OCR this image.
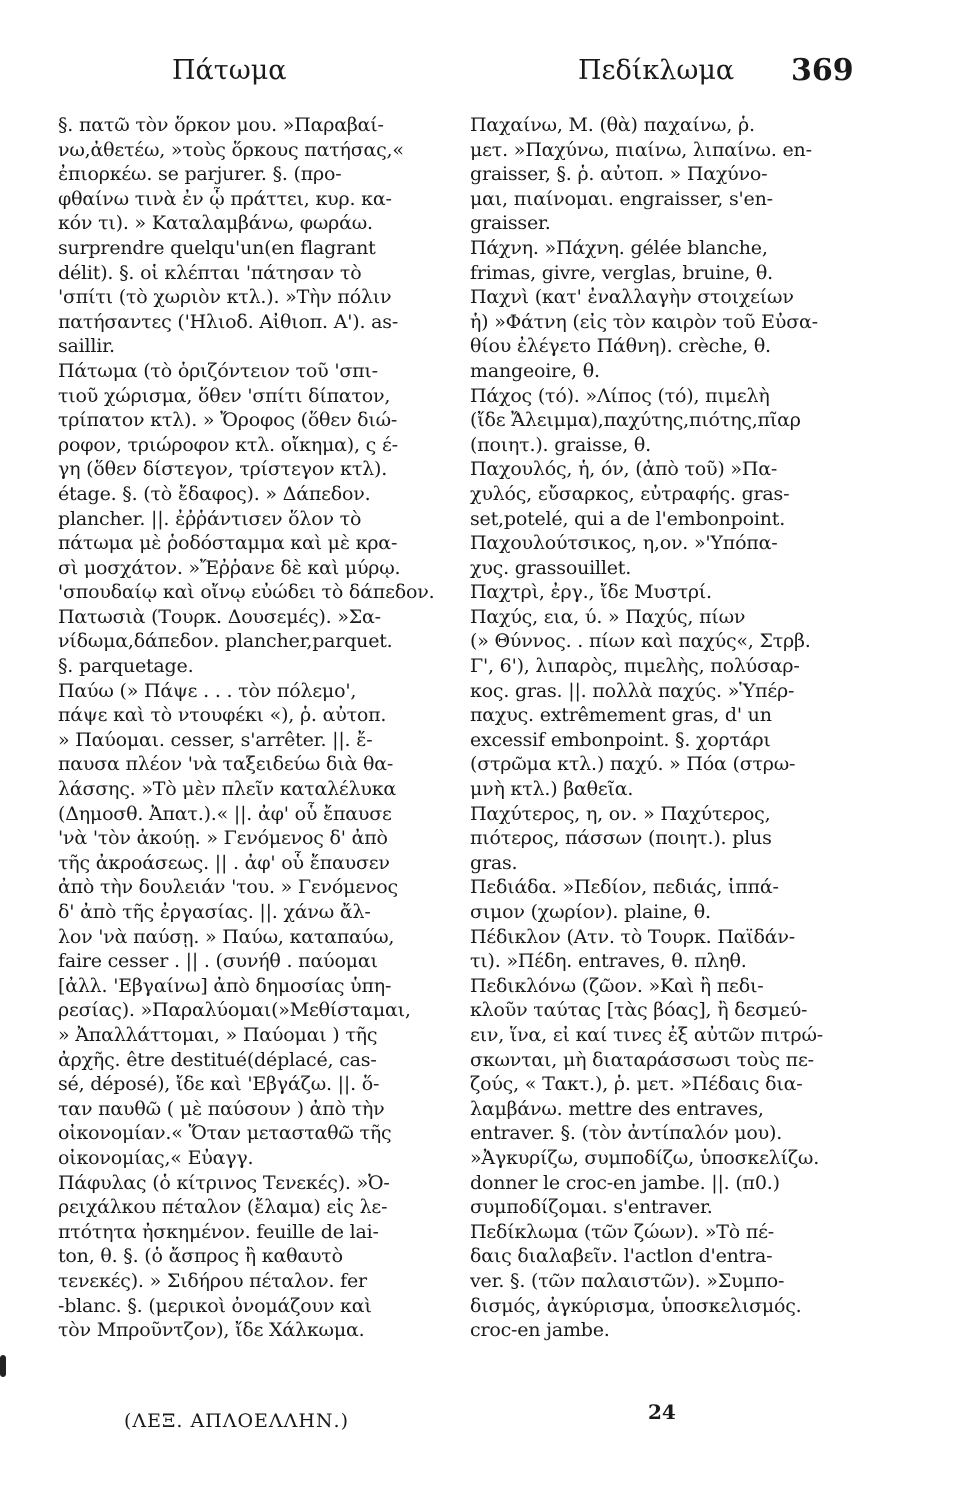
Πάτωμα	Πεδίκλωμα 369
§. πατῶ τὸν ὅρκον μου. »Παραβαί-
νω,ἀθετέω, »τοὺς ὅρκους πατήσας,«
ἐπιορκέω. se parjurer. §. (προ-
φθαίνω τινὰ ἐν ᾧ πράττει, κυρ. κα-
κόν τι). » Καταλαμβάνω, φωράω.
surprendre quelqu'un(en flagrant
délit). §. οἱ κλέπται 'πάτησαν τὸ
'σπίτι (τὸ χωριὸν κτλ.). »Τὴν πόλιν
πατήσαντες ('Ηλιοδ. Αἰθιοπ. Α'). as-
saillir.
Πάτωμα (τὸ ὁριζόντειον τοῦ 'σπι-
τιοῦ χώρισμα, ὅθεν 'σπίτι δίπατον,
τρίπατον κτλ). » Ὄροφος (ὅθεν διώ-
ροφον, τριώροφον κτλ. οἴκημα), ς έ-
γη (ὅθεν δίστεγον, τρίστεγον κτλ).
étage. §. (τὸ ἔδαφος). » Δάπεδον.
plancher. ||. ἐῤῥάντισεν ὅλον τὸ
πάτωμα μὲ ῥοδόσταμμα καὶ μὲ κρα-
σὶ μοσχάτον. »Ἔῤῥανε δὲ καὶ μύρῳ.
'σπουδαίῳ καὶ οἴνῳ εὐώδει τὸ δάπεδον.
Πατωσιὰ (Τουρκ. Δουσεμές). »Σα-
νίδωμα,δάπεδον. plancher,parquet.
§. parquetage.
Παύω (» Πάψε . . . τὸν πόλεμο',
πάψε καὶ τὸ ντουφέκι «), ῥ. αὐτοπ.
» Παύομαι. cesser, s'arrêter. ||. ἔ-
παυσα πλέον 'νὰ ταξειδεύω διὰ θα-
λάσσης. »Τὸ μὲν πλεῖν καταλέλυκα
(Δημοσθ. Ἀπατ.).« ||. ἀφ' οὗ ἔπαυσε
'νὰ 'τὸν ἀκούῃ. » Γενόμενος δ' ἀπὸ
τῆς ἀκροάσεως. || . ἀφ' οὗ ἔπαυσεν
ἀπὸ τὴν δουλειάν 'του. » Γενόμενος
δ' ἀπὸ τῆς ἐργασίας. ||. χάνω ἄλ-
λον 'νὰ παύσῃ. » Παύω, καταπαύω,
faire cesser . || . (συνήθ . παύομαι
[ἀλλ. 'Εβγαίνω] ἀπὸ δημοσίας ὑπη-
ρεσίας). »Παραλύομαι(»Μεθίσταμαι,
» Ἀπαλλάττομαι, » Παύομαι ) τῆς
ἀρχῆς. être destitué(déplacé, cas-
sé, déposé), ἴδε καὶ 'Εβγάζω. ||. ὅ-
ταν παυθῶ ( μὲ παύσουν ) ἀπὸ τὴν
οἰκονομίαν.« Ὅταν μετασταθῶ τῆς
οἰκονομίας,« Εὐαγγ.
Πάφυλας (ὁ κίτρινος Τενεκές). »Ὀ-
ρειχάλκου πέταλον (ἔλαμα) εἰς λε-
πτότητα ἠσκημένον. feuille de lai-
ton, θ. §. (ὁ ἄσπρος ἢ καθαυτὸ
τενεκές). » Σιδήρου πέταλον. fer
-blanc. §. (μερικοὶ ὀνομάζουν καὶ
τὸν Μπροῦντζον), ἴδε Χάλκωμα.
Παχαίνω, Μ. (θὰ) παχαίνω, ῥ.
μετ. »Παχύνω, πιαίνω, λιπαίνω. en-
graisser, §. ῥ. αὐτοπ. » Παχύνο-
μαι, πιαίνομαι. engraisser, s'en-
graisser.
Πάχνη. »Πάχνη. gélée blanche,
frimas, givre, verglas, bruine, θ.
Παχνὶ (κατ' ἐναλλαγὴν στοιχείων
ἡ) »Φάτνη (εἰς τὸν καιρὸν τοῦ Εὐσα-
θίου ἐλέγετο Πάθνη). crèche, θ.
mangeoire, θ.
Πάχος (τό). »Λίπος (τό), πιμελὴ
(ἴδε Ἄλειμμα),παχύτης,πιότης,πῖαρ
(ποιητ.). graisse, θ.
Παχουλός, ἡ, όν, (ἀπὸ τοῦ) »Πα-
χυλός, εὔσαρκος, εὐτραφής. gras-
set,potelé, qui a de l'embonpoint.
Παχουλούτσικος, η,ον. »'Υπόπα-
χυς. grassouillet.
Παχτρὶ, ἐργ., ἴδε Μυστρί.
Παχύς, εια, ύ. » Παχύς, πίων
(» Θύννος. . πίων καὶ παχύς«, Στρβ.
Γ', 6'), λιπαρὸς, πιμελὴς, πολύσαρ-
κος. gras. ||. πολλὰ παχύς. »Ὑπέρ-
παχυς. extrêmement gras, d' un
excessif embonpoint. §. χορτάρι
(στρῶμα κτλ.) παχύ. » Πόα (στρω-
μνὴ κτλ.) βαθεῖα.
Παχύτερος, η, ον. » Παχύτερος,
πιότερος, πάσσων (ποιητ.). plus
gras.
Πεδιάδα. »Πεδίον, πεδιάς, ἱππά-
σιμον (χωρίον). plaine, θ.
Πέδικλον (Ατν. τὸ Τουρκ. Παϊδάν-
τι). »Πέδη. entraves, θ. πληθ.
Πεδικλόνω (ζῶον. »Καὶ ἢ πεδι-
κλοῦν ταύτας [τὰς βόας], ἢ δεσμεύ-
ειν, ἵνα, εἰ καί τινες ἐξ αὐτῶν πιτρώ-
σκωνται, μὴ διαταράσσωσι τοὺς πε-
ζούς, « Τακτ.), ῥ. μετ. »Πέδαις δια-
λαμβάνω. mettre des entraves,
entraver. §. (τὸν ἀντίπαλόν μου).
»Ἀγκυρίζω, συμποδίζω, ὑποσκελίζω.
donner le croc-en jambe. ||. (π0.)
συμποδίζομαι. s'entraver.
Πεδίκλωμα (τῶν ζώων). »Τὸ πέ-
δαις διαλαβεῖν. l'actlon d'entra-
ver. §. (τῶν παλαιστῶν). »Συμπο-
δισμός, ἀγκύρισμα, ὑποσκελισμός.
croc-en jambe.
(ΛΕΞ. ΑΠΛΟΕΛΛΗΝ.)	24
